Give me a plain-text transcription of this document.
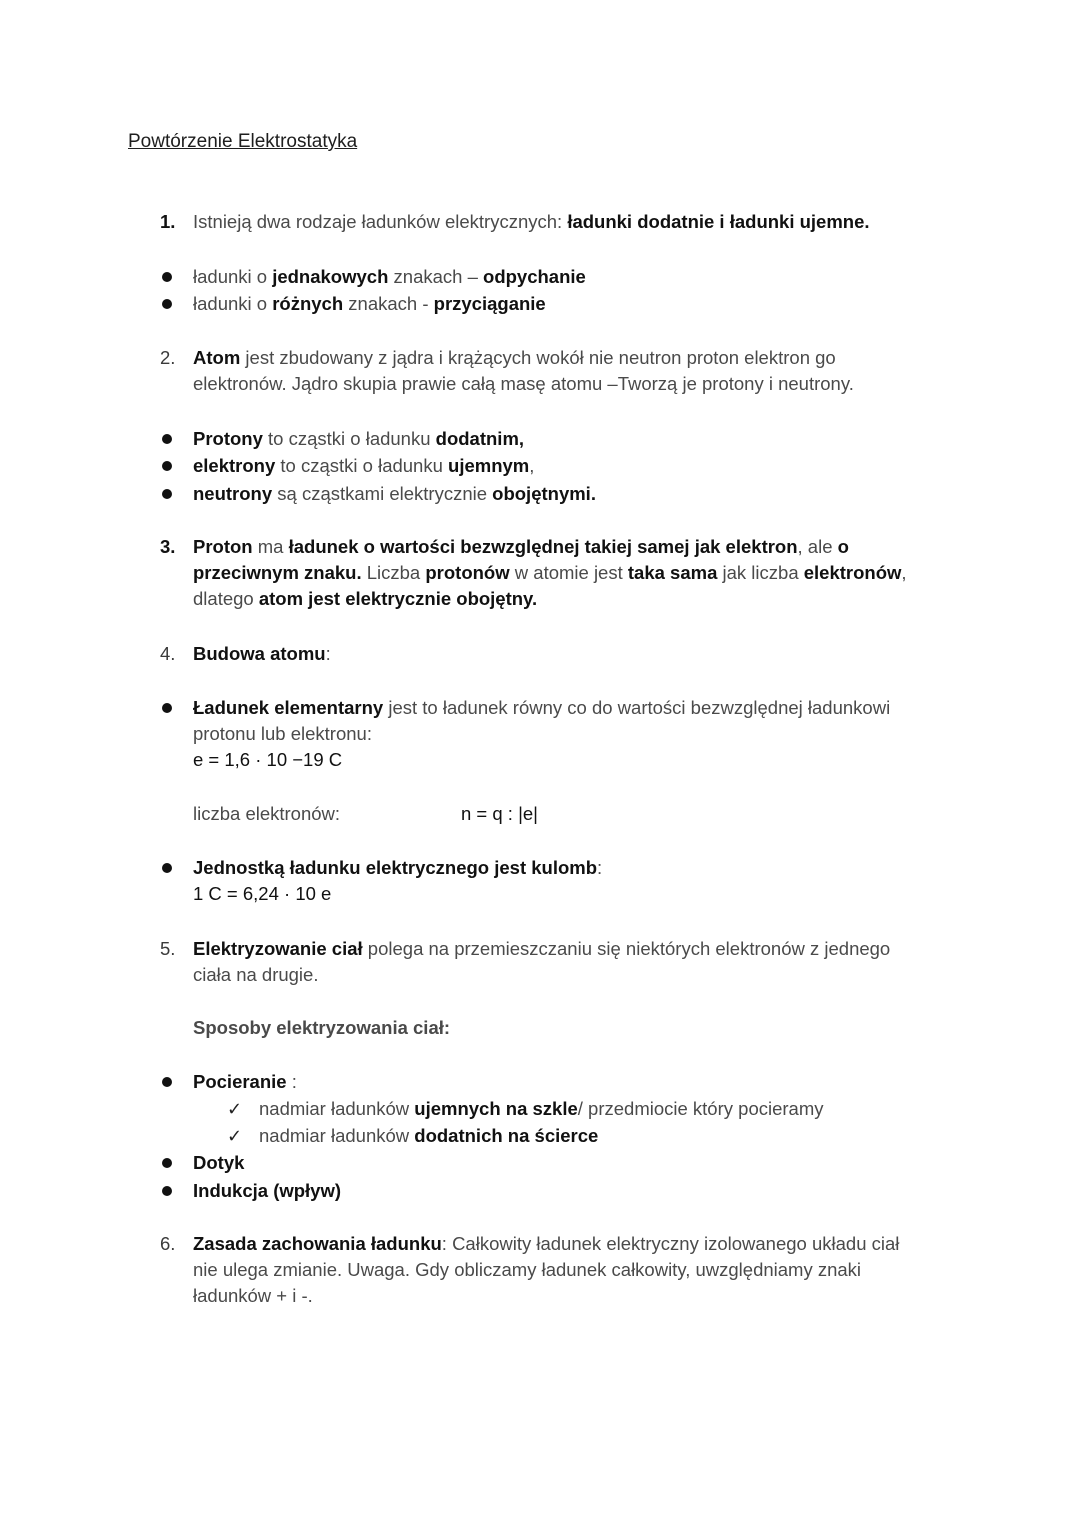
Powtórzenie Elektrostatyka
1. Istnieją dwa rodzaje ładunków elektrycznych: ładunki dodatnie i ładunki ujemne.
ładunki o jednakowych znakach – odpychanie
ładunki o różnych znakach - przyciąganie
2. Atom jest zbudowany z jądra i krążących wokół nie neutron proton elektron go
elektronów. Jądro skupia prawie całą masę atomu –Tworzą je protony i neutrony.
Protony to cząstki o ładunku dodatnim,
elektrony to cząstki o ładunku ujemnym,
neutrony są cząstkami elektrycznie obojętnymi.
3. Proton ma ładunek o wartości bezwzględnej takiej samej jak elektron, ale o
przeciwnym znaku. Liczba protonów w atomie jest taka sama jak liczba elektronów,
dlatego atom jest elektrycznie obojętny.
4. Budowa atomu:
Ładunek elementarny jest to ładunek równy co do wartości bezwzględnej ładunkowi
protonu lub elektronu:
e = 1,6 · 10 −19 C
liczba elektronów:	n = q : |e|
Jednostką ładunku elektrycznego jest kulomb:
1 C = 6,24 · 10 e
5. Elektryzowanie ciał polega na przemieszczaniu się niektórych elektronów z jednego
ciała na drugie.
Sposoby elektryzowania ciał:
Pocieranie :
✓ nadmiar ładunków ujemnych na szkle/ przedmiocie który pocieramy
✓ nadmiar ładunków dodatnich na ścierce
Dotyk
Indukcja (wpływ)
6. Zasada zachowania ładunku: Całkowity ładunek elektryczny izolowanego układu ciał
nie ulega zmianie. Uwaga. Gdy obliczamy ładunek całkowity, uwzględniamy znaki
ładunków + i -.
